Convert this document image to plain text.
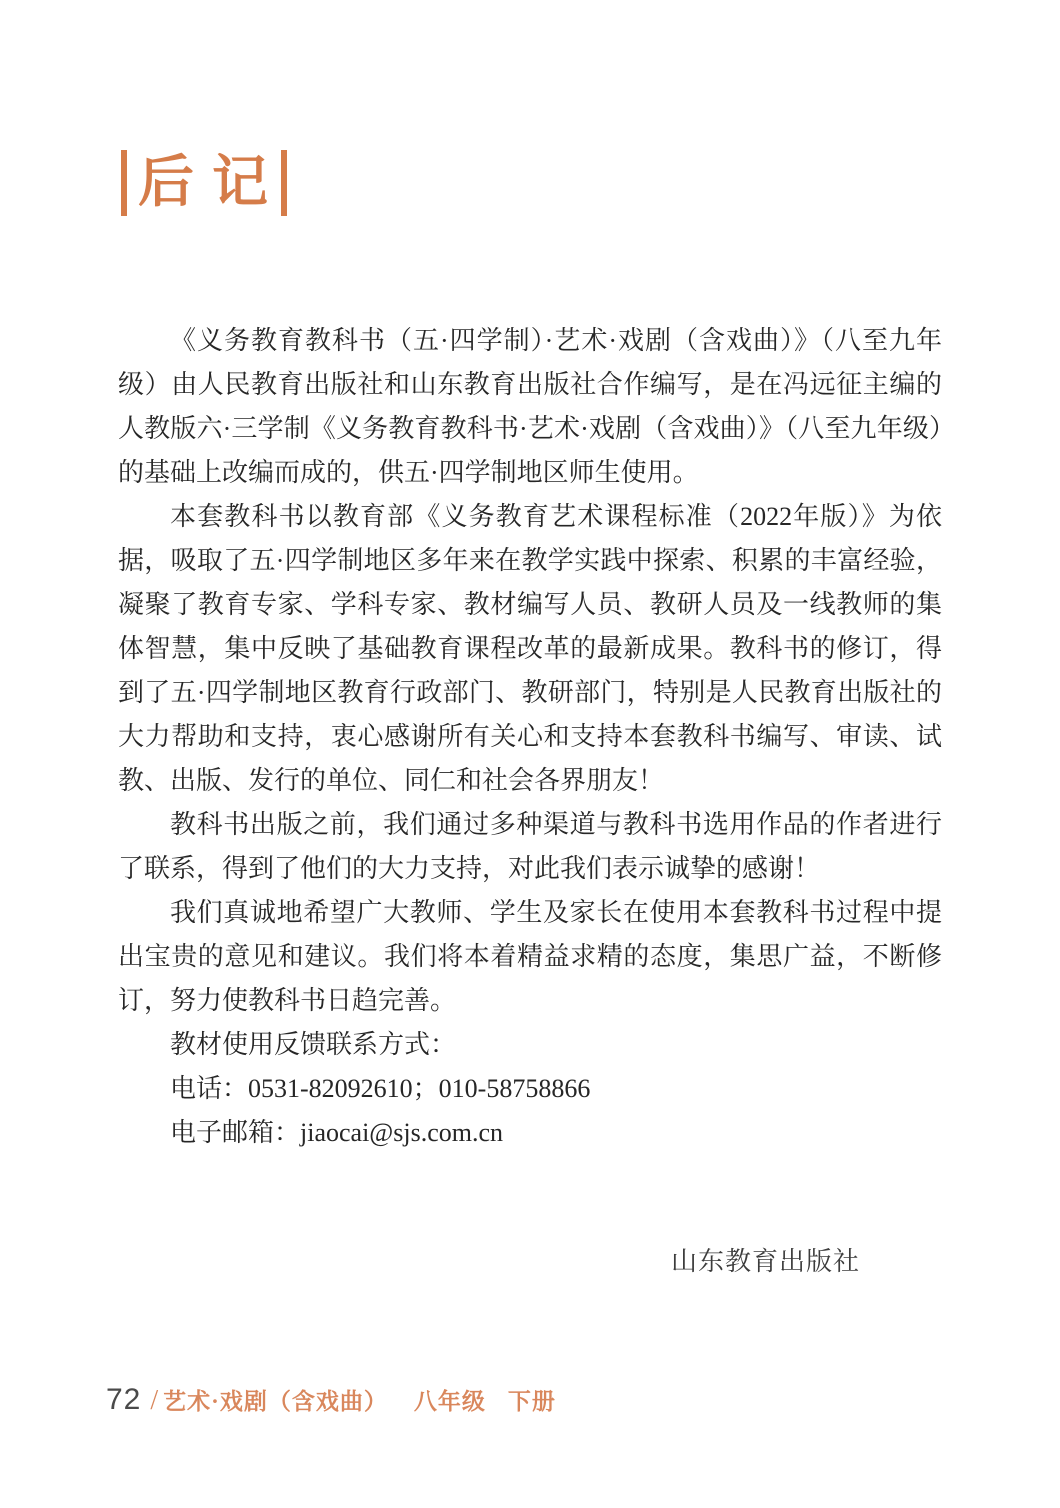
后 记

《义务教育教科书（五·四学制）·艺术·戏剧（含戏曲）》（八至九年级）由人民教育出版社和山东教育出版社合作编写，是在冯远征主编的人教版六·三学制《义务教育教科书·艺术·戏剧（含戏曲）》（八至九年级）的基础上改编而成的，供五·四学制地区师生使用。

本套教科书以教育部《义务教育艺术课程标准（2022年版）》为依据，吸取了五·四学制地区多年来在教学实践中探索、积累的丰富经验，凝聚了教育专家、学科专家、教材编写人员、教研人员及一线教师的集体智慧，集中反映了基础教育课程改革的最新成果。教科书的修订，得到了五·四学制地区教育行政部门、教研部门，特别是人民教育出版社的大力帮助和支持，衷心感谢所有关心和支持本套教科书编写、审读、试教、出版、发行的单位、同仁和社会各界朋友！

教科书出版之前，我们通过多种渠道与教科书选用作品的作者进行了联系，得到了他们的大力支持，对此我们表示诚挚的感谢！

我们真诚地希望广大教师、学生及家长在使用本套教科书过程中提出宝贵的意见和建议。我们将本着精益求精的态度，集思广益，不断修订，努力使教科书日趋完善。

教材使用反馈联系方式：

电话：0531-82092610；010-58758866

电子邮箱：jiaocai@sjs.com.cn

山东教育出版社
72 / 艺术·戏剧（含戏曲） 八年级 下册
